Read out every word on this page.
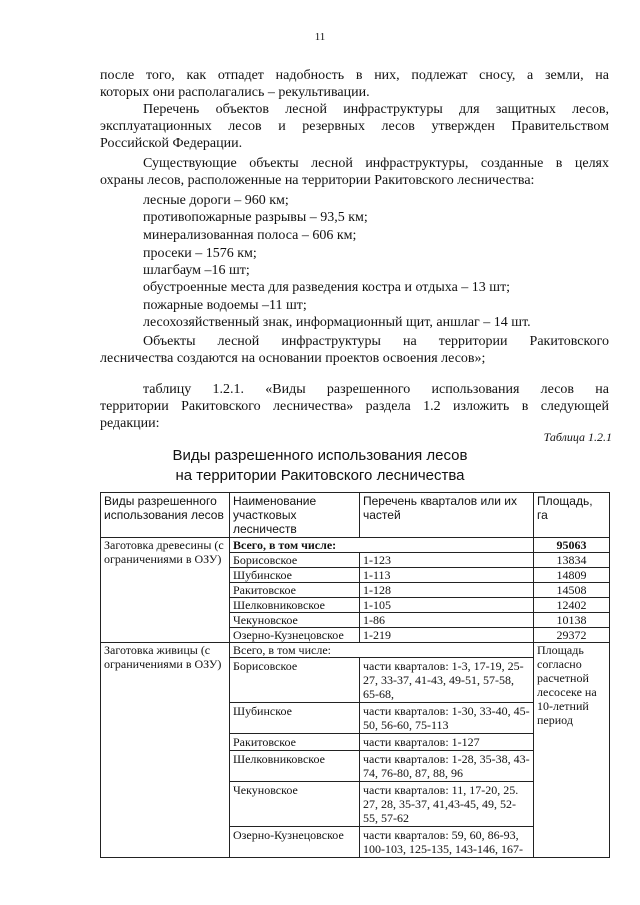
11
после того, как отпадет надобность в них, подлежат сносу, а земли, на
которых они располагались – рекультивации.
Перечень объектов лесной инфраструктуры для защитных лесов,
эксплуатационных лесов и резервных лесов утвержден Правительством
Российской Федерации.
Существующие объекты лесной инфраструктуры, созданные в целях
охраны лесов, расположенные на территории Ракитовского лесничества:
лесные дороги – 960 км;
противопожарные разрывы – 93,5 км;
минерализованная полоса – 606 км;
просеки – 1576 км;
шлагбаум –16 шт;
обустроенные места для разведения костра и отдыха – 13 шт;
пожарные водоемы –11 шт;
лесохозяйственный знак, информационный щит, аншлаг – 14 шт.
Объекты лесной инфраструктуры на территории Ракитовского
лесничества создаются на основании проектов освоения лесов»;
таблицу 1.2.1. «Виды разрешенного использования лесов на
территории Ракитовского лесничества» раздела 1.2 изложить в следующей
редакции:
Таблица 1.2.1
Виды разрешенного использования лесов
на территории Ракитовского лесничества
Виды разрешенного использования лесов	Наименование участковых лесничеств	Перечень кварталов или их частей	Площадь, га
Заготовка древесины (с ограничениями в ОЗУ)	Всего, в том числе:		95063
	Борисовское	1-123	13834
	Шубинское	1-113	14809
	Ракитовское	1-128	14508
	Шелковниковское	1-105	12402
	Чекуновское	1-86	10138
	Озерно-Кузнецовское	1-219	29372
Заготовка живицы (с ограничениями в ОЗУ)	Всего, в том числе:		Площадь согласно расчетной лесосеке на 10-летний период
	Борисовское	части кварталов: 1-3, 17-19, 25-27, 33-37, 41-43, 49-51, 57-58, 65-68,	
	Шубинское	части кварталов: 1-30, 33-40, 45-50, 56-60, 75-113	
	Ракитовское	части кварталов: 1-127	
	Шелковниковское	части кварталов: 1-28, 35-38, 43-74, 76-80, 87, 88, 96	
	Чекуновское	части кварталов: 11, 17-20, 25. 27, 28, 35-37, 41,43-45, 49, 52-55, 57-62	
	Озерно-Кузнецовское	части кварталов: 59, 60, 86-93, 100-103, 125-135, 143-146, 167-	
